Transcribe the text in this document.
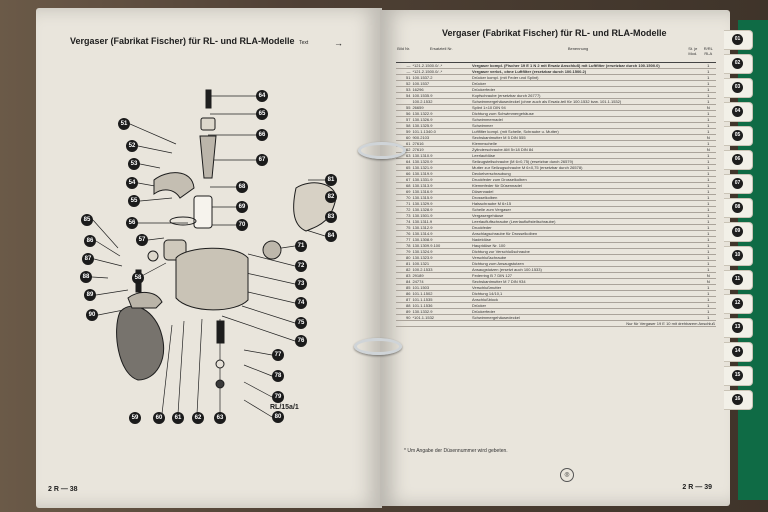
Vergaser (Fabrikat Fischer) für RL- und RLA-Modelle Text	→
64
65
66
67
68
69
70
51
52
53
54
55
56
57
58
81
82
83
84
71
72
73
74
75
76
85
86
87
88
89
90
59	60 61 62	63
77
78
79
80
RL/15a/1
2 R — 38
Vergaser (Fabrikat Fischer) für RL- und RLA-Modelle
Bild Nr.	Ersatzteil Nr.	Benennung	St. je Mod.	R/RL RLA
—	*121.2.1500.0/..*	Vergaser kompl. (Fischer 19 E 1 N 2 mit Ersatz Anschluß) mit Luftfilter (ersetzbar durch 100.1500.0)		1
—	*121.2.1500.0/..*	Vergaser verlot., ohne Luftfilter (ersetzbar durch 100.1500.2)		1
51	100.1537.2	Drücker kompl. (mit Feder und Splint)		1
52	100.1537	Drücker		1
53	16296	Drückerfeder		1
54	100.1535.9	Kopfschraube (ersetzbar durch 26777)		1
	100.2.1532	Schwimmergehäusedeckel (ohne auch als Ersatz-teil für 100.1532 bzw. 101.1.1532)		1
55	26659	Splint 1×10 DIN 94		N
56	130.1322.9	Dichtung zum Schwimmergehäuse		1
57	130.1326.9	Schwimmernadel		1
58	130.1325.9	Schwimmer		1
59	101.1.1340.0	Luftfilter kompl. (mit Schelle, Schraube u. Mutter)		1
60	900.2103	Sechskantmutter M 5 DIN 555		N
61	27616	Klemmschelle		1
62	27619	Zylinderschraube AM 5×18 DIN 84		N
63	130.1310.9	Leerlaufdüse		1
64	130.1320.9	Seilzugstellschraube (M 6×0,75) (ersetzbar durch 26579)		1
65	130.1321.9	Mutter zur Seilzugschraube M 6×0,75 (ersetzbar durch 26578)		1
66	130.1319.9	Deckelverschraubung		1
67	130.1331.9	Druckfeder zum Drosselkolben		1
68	130.1313.9	Klemmfeder für Düsennadel		1
69	130.1316.9	Düsennadel		1
70	130.1315.9	Drosselkolben		1
71	130.1329.9	Halsschraube M 6×15		1
72	130.1328.9	Schelle zum Vergaser		1
73	130.1501.9	Vergasergehäuse		1
74	130.1311.9	Leerlaufluftschraube (Leerlaufluftstellschraube)		1
75	130.1312.9	Druckfeder		1
76	130.1314.9	Anschlagschraube für Drosselkolben		1
77	130.1308.9	Nadeldüse		1
78	130.1309.9.100	Hauptdüse Nr. 100		1
79	130.1324.9	Dichtung zur Verschlußschraube		1
80	130.1323.9	Verschlußschraube		1
81	100.1321	Dichtung zum Ansaugstutzen		1
82	100.2.1533	Ansaugstutzen (ersetzt auch 100.1533)		1
83	29189	Federring B 7 DIN 127		N
84	24774	Sechskantmutter M 7 DIN 934		N
85	101.1503	Verschlußmutter		1
86	101.1.1502	Dichtung 14/10,1		1
87	101.1.1535	Anschlußblock		1
88	101.1.1536	Drücker		1
89	130.1332.9	Drückerfeder		1
90	*101.1.1532	Schwimmergehäusedeckel		1
Nur für Vergaser 19 E 10 mit drehbarem Anschluß				
* Um Angabe der Düsennummer wird gebeten.
◎
2 R — 39
01
02
03
04
05
06
07
08
09
10
11
12
13
14
15
16
